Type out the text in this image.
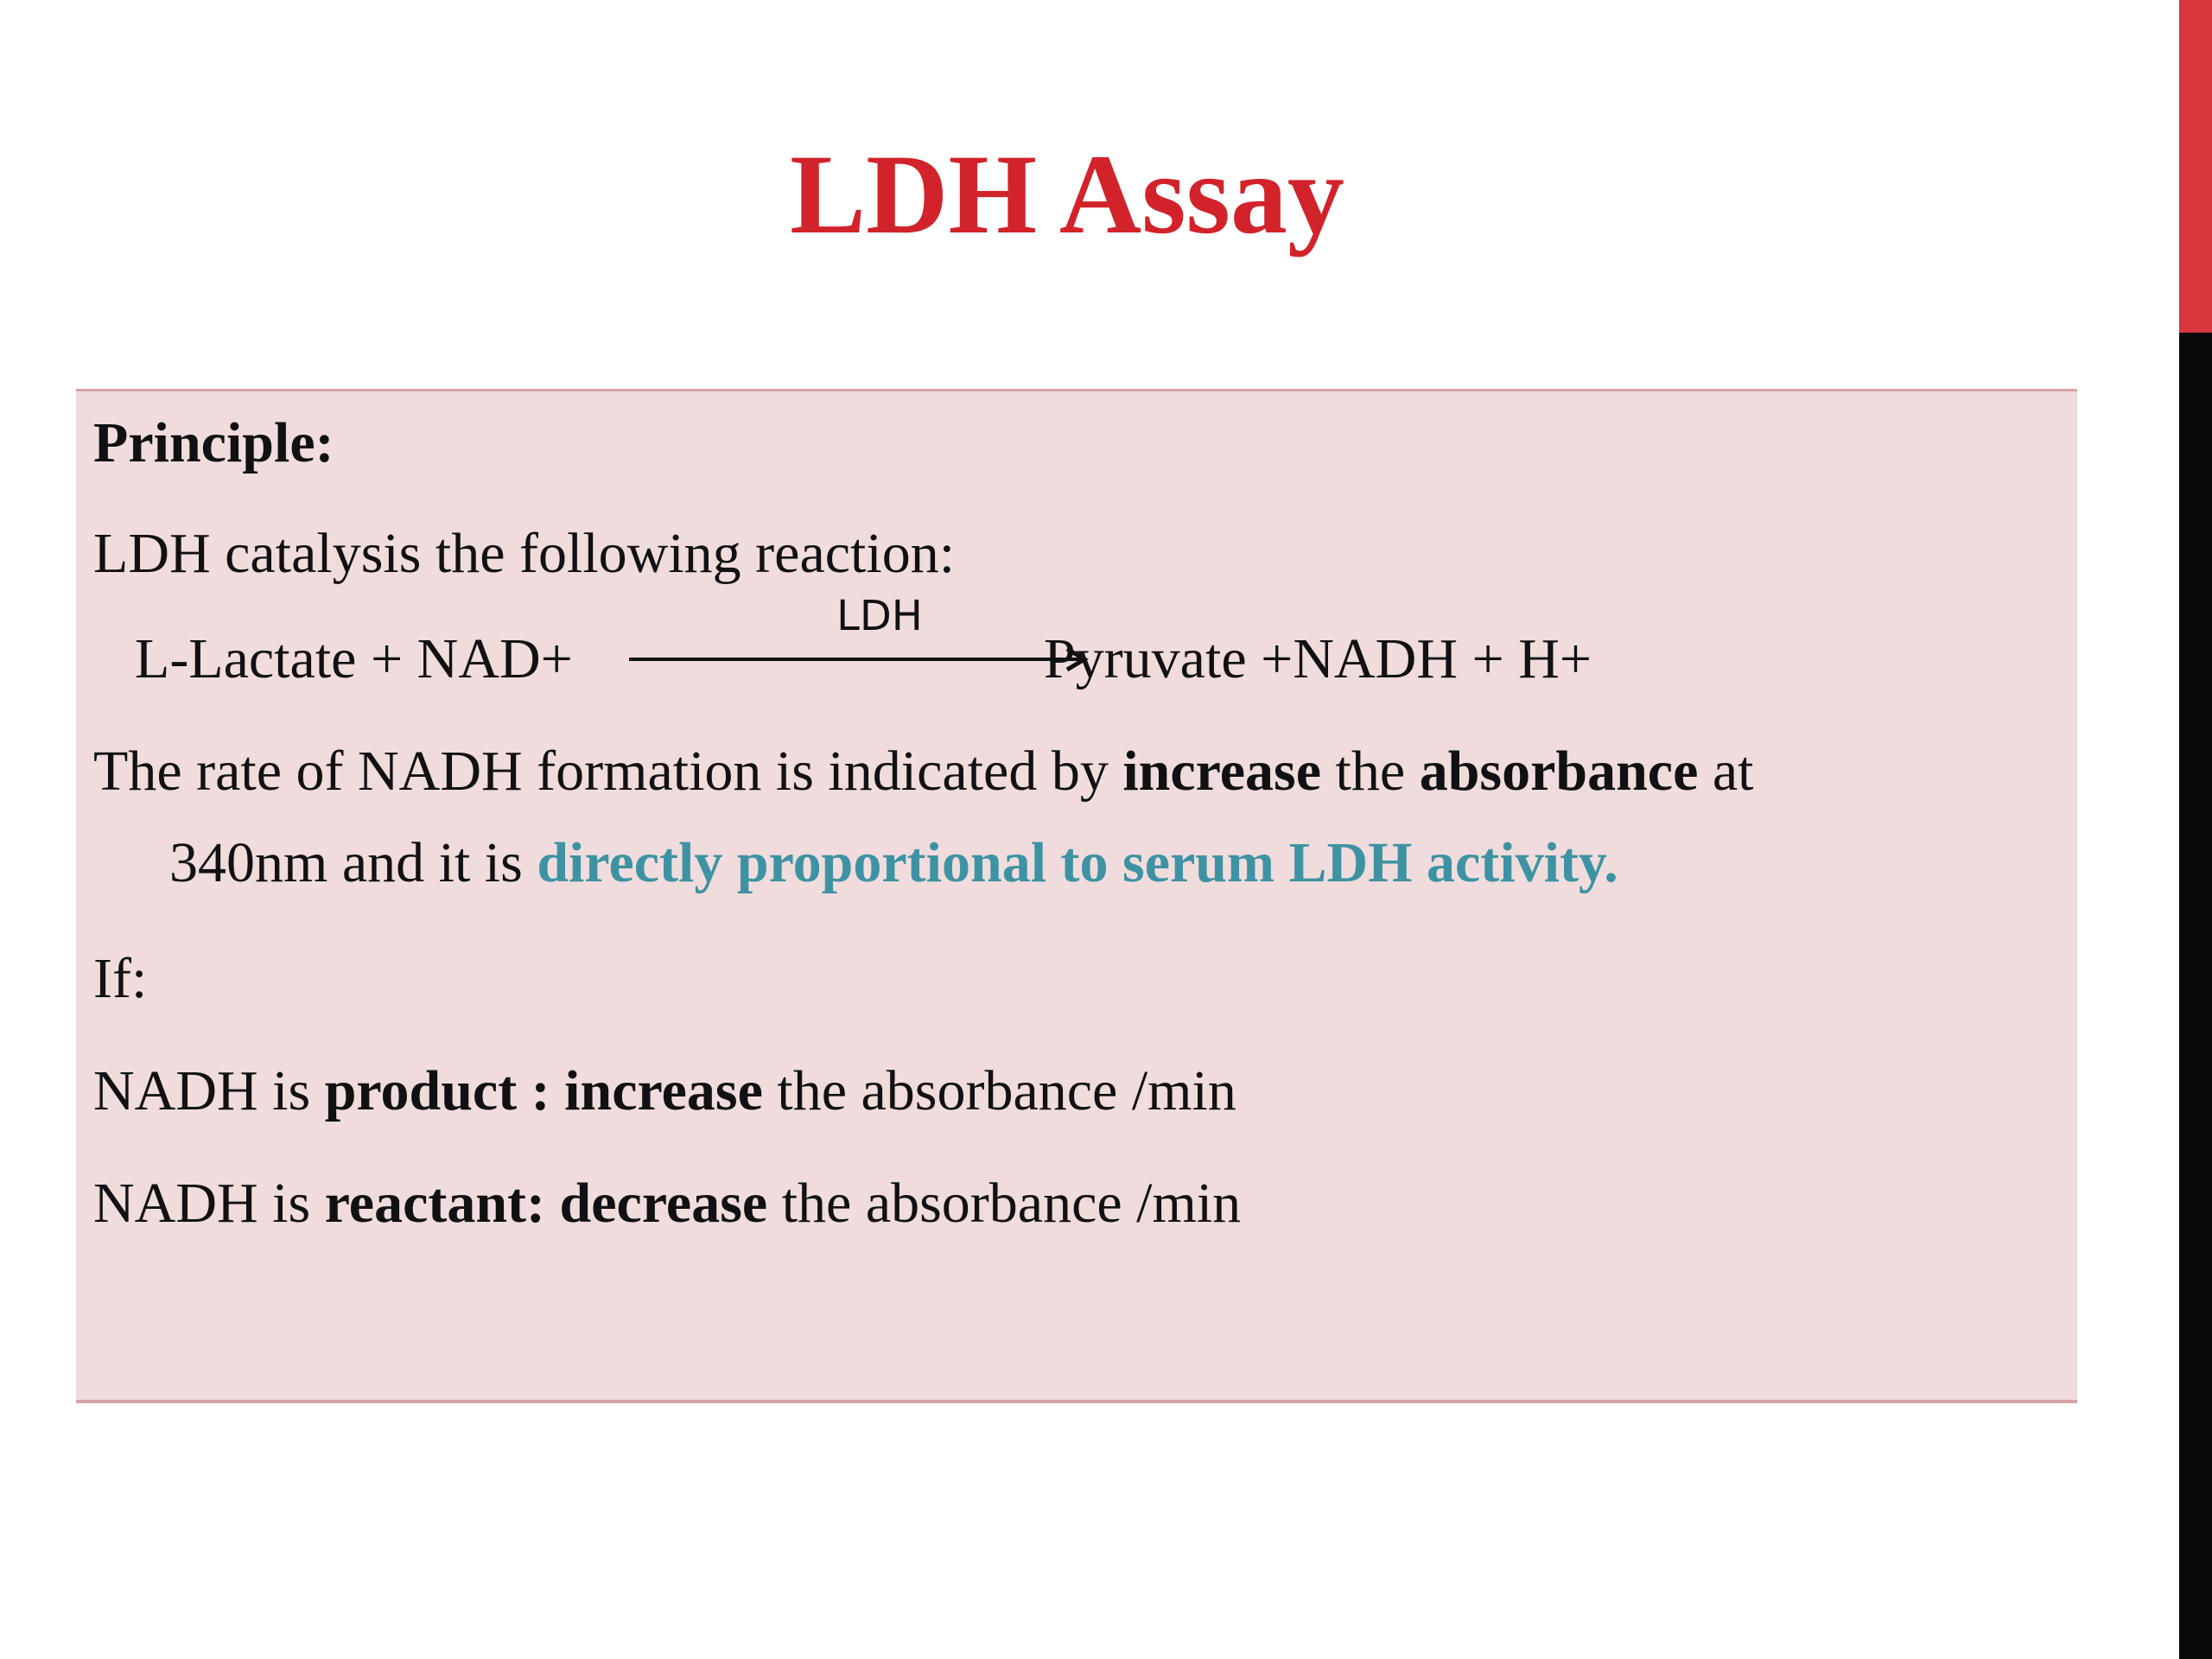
LDH Assay

Principle:

LDH catalysis the following reaction:

L-Lactate + NAD+
LDH
Pyruvate +NADH + H+

The rate of NADH formation is indicated by increase the absorbance at

340nm and it is directly proportional to serum LDH activity.

If:

NADH is product : increase the absorbance /min

NADH is reactant: decrease the absorbance /min
